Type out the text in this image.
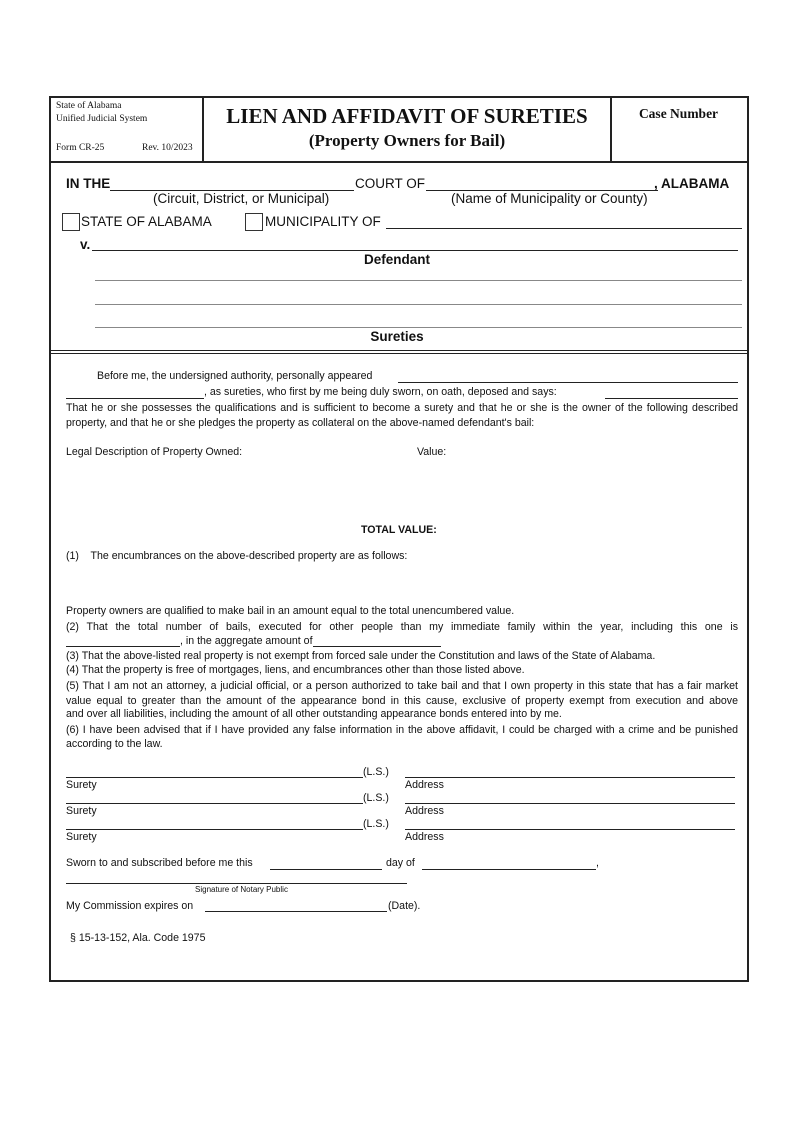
State of Alabama
Unified Judicial System
Form CR-25	Rev. 10/2023
LIEN AND AFFIDAVIT OF SURETIES
(Property Owners for Bail)
Case Number
IN THE	COURT OF	, ALABAMA
(Circuit, District, or Municipal)	(Name of Municipality or County)
STATE OF ALABAMA	MUNICIPALITY OF
v.
Defendant
Sureties
Before me, the undersigned authority, personally appeared
, as sureties, who first by me being duly sworn, on oath, deposed and says:
That he or she possesses the qualifications and is sufficient to become a surety and that he or she is the owner of the following described
property, and that he or she pledges the property as collateral on the above-named defendant's bail:
Legal Description of Property Owned:	Value:
TOTAL VALUE:
(1)    The encumbrances on the above-described property are as follows:
Property owners are qualified to make bail in an amount equal to the total unencumbered value.
(2) That the total number of bails, executed for other people than my immediate family within the year, including this one is
, in the aggregate amount of
(3) That the above-listed real property is not exempt from forced sale under the Constitution and laws of the State of Alabama.
(4) That the property is free of mortgages, liens, and encumbrances other than those listed above.
(5) That I am not an attorney, a judicial official, or a person authorized to take bail and that I own property in this state that has a fair market
value equal to greater than the amount of the appearance bond in this cause, exclusive of property exempt from execution and above
and over all liabilities, including the amount of all other outstanding appearance bonds entered into by me.
(6) I have been advised that if I have provided any false information in the above affidavit, I could be charged with a crime and be punished
according to the law.
(L.S.)
Surety	Address
(L.S.)
Surety	Address
(L.S.)
Surety	Address
Sworn to and subscribed before me this	day of	,
Signature of Notary Public
My Commission expires on	(Date).
§ 15-13-152, Ala. Code 1975
